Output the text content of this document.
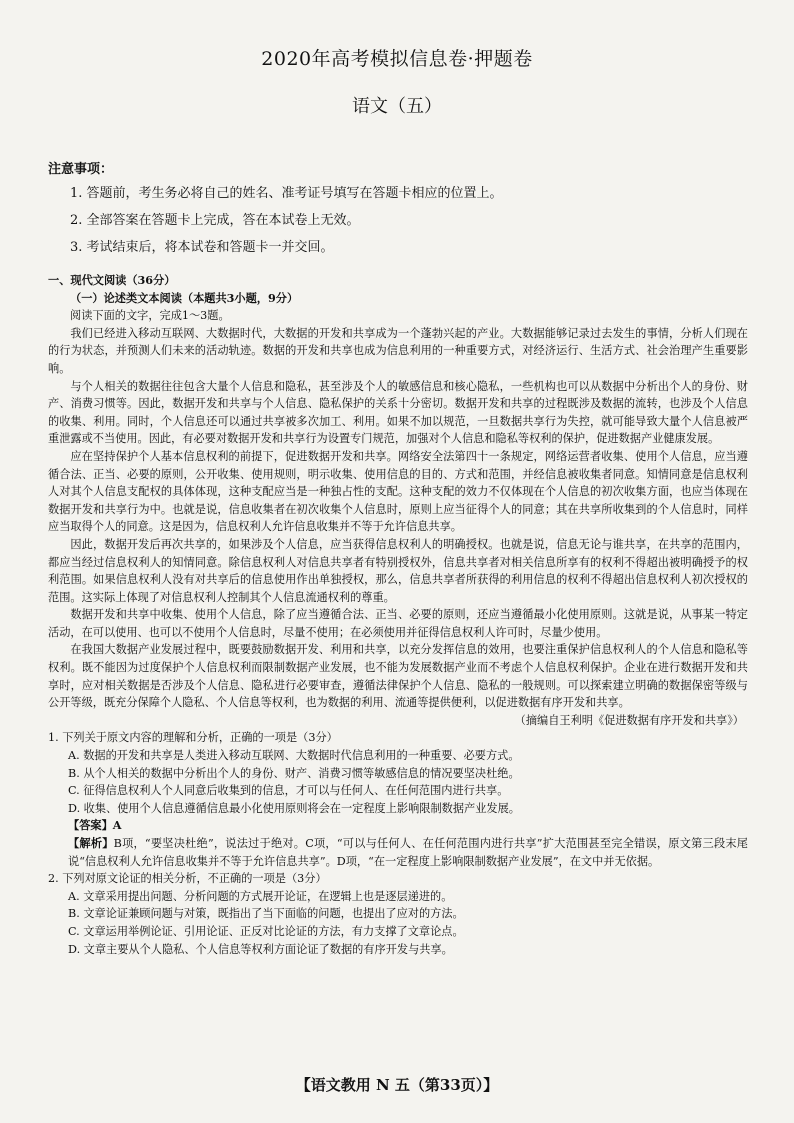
2020年高考模拟信息卷·押题卷
语文（五）
注意事项：
1. 答题前，考生务必将自己的姓名、准考证号填写在答题卡相应的位置上。
2. 全部答案在答题卡上完成，答在本试卷上无效。
3. 考试结束后，将本试卷和答题卡一并交回。
一、现代文阅读（36分）
（一）论述类文本阅读（本题共3小题，9分）
阅读下面的文字，完成1～3题。
我们已经进入移动互联网、大数据时代，大数据的开发和共享成为一个蓬勃兴起的产业。大数据能够记录过去发生的事情，分析人们现在的行为状态，并预测人们未来的活动轨迹。数据的开发和共享也成为信息利用的一种重要方式，对经济运行、生活方式、社会治理产生重要影响。
与个人相关的数据往往包含大量个人信息和隐私，甚至涉及个人的敏感信息和核心隐私，一些机构也可以从数据中分析出个人的身份、财产、消费习惯等。因此，数据开发和共享与个人信息、隐私保护的关系十分密切。数据开发和共享的过程既涉及数据的流转，也涉及个人信息的收集、利用。同时，个人信息还可以通过共享被多次加工、利用。如果不加以规范，一旦数据共享行为失控，就可能导致大量个人信息被严重泄露或不当使用。因此，有必要对数据开发和共享行为设置专门规范，加强对个人信息和隐私等权利的保护，促进数据产业健康发展。
应在坚持保护个人基本信息权利的前提下，促进数据开发和共享。网络安全法第四十一条规定，网络运营者收集、使用个人信息，应当遵循合法、正当、必要的原则，公开收集、使用规则，明示收集、使用信息的目的、方式和范围，并经信息被收集者同意。知情同意是信息权利人对其个人信息支配权的具体体现，这种支配应当是一种独占性的支配。这种支配的效力不仅体现在个人信息的初次收集方面，也应当体现在数据开发和共享行为中。也就是说，信息收集者在初次收集个人信息时，原则上应当征得个人的同意；其在共享所收集到的个人信息时，同样应当取得个人的同意。这是因为，信息权利人允许信息收集并不等于允许信息共享。
因此，数据开发后再次共享的，如果涉及个人信息，应当获得信息权利人的明确授权。也就是说，信息无论与谁共享，在共享的范围内，都应当经过信息权利人的知情同意。除信息权利人对信息共享者有特别授权外，信息共享者对相关信息所享有的权利不得超出被明确授予的权利范围。如果信息权利人没有对共享后的信息使用作出单独授权，那么，信息共享者所获得的利用信息的权利不得超出信息权利人初次授权的范围。这实际上体现了对信息权利人控制其个人信息流通权利的尊重。
数据开发和共享中收集、使用个人信息，除了应当遵循合法、正当、必要的原则，还应当遵循最小化使用原则。这就是说，从事某一特定活动，在可以使用、也可以不使用个人信息时，尽量不使用；在必须使用并征得信息权利人许可时，尽量少使用。
在我国大数据产业发展过程中，既要鼓励数据开发、利用和共享，以充分发挥信息的效用，也要注重保护信息权利人的个人信息和隐私等权利。既不能因为过度保护个人信息权利而限制数据产业发展，也不能为发展数据产业而不考虑个人信息权利保护。企业在进行数据开发和共享时，应对相关数据是否涉及个人信息、隐私进行必要审查，遵循法律保护个人信息、隐私的一般规则。可以探索建立明确的数据保密等级与公开等级，既充分保障个人隐私、个人信息等权利，也为数据的利用、流通等提供便利，以促进数据有序开发和共享。
（摘编自王利明《促进数据有序开发和共享》）
1. 下列关于原文内容的理解和分析，正确的一项是（3分）
A. 数据的开发和共享是人类进入移动互联网、大数据时代信息利用的一种重要、必要方式。
B. 从个人相关的数据中分析出个人的身份、财产、消费习惯等敏感信息的情况要坚决杜绝。
C. 征得信息权利人个人同意后收集到的信息，才可以与任何人、在任何范围内进行共享。
D. 收集、使用个人信息遵循信息最小化使用原则将会在一定程度上影响限制数据产业发展。
【答案】A
【解析】B项，“要坚决杜绝”，说法过于绝对。C项，“可以与任何人、在任何范围内进行共享”扩大范围甚至完全错误，原文第三段末尾说“信息权利人允许信息收集并不等于允许信息共享”。D项，“在一定程度上影响限制数据产业发展”，在文中并无依据。
2. 下列对原文论证的相关分析，不正确的一项是（3分）
A. 文章采用提出问题、分析问题的方式展开论证，在逻辑上也是逐层递进的。
B. 文章论证兼顾问题与对策，既指出了当下面临的问题，也提出了应对的方法。
C. 文章运用举例论证、引用论证、正反对比论证的方法，有力支撑了文章论点。
D. 文章主要从个人隐私、个人信息等权利方面论证了数据的有序开发与共享。
【语文教用 N 五（第33页）】
